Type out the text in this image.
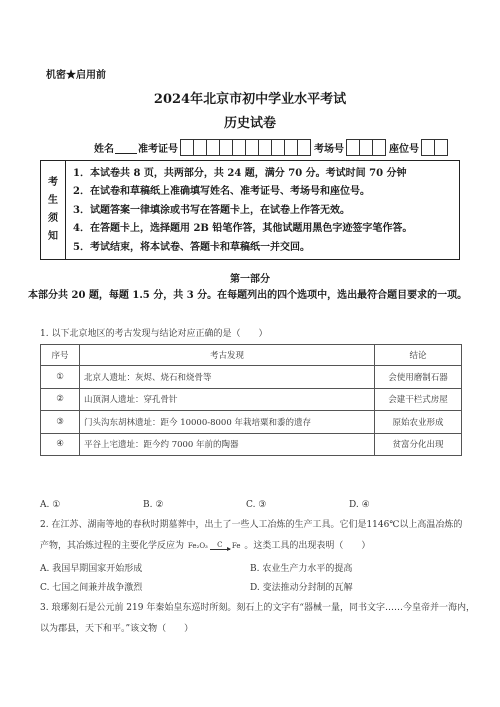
机密★启用前
2024年北京市初中学业水平考试
历史试卷
姓名 准考证号	考场号	座位号
考
生
须
知
1．本试卷共 8 页，共两部分，共 24 题，满分 70 分。考试时间 70 分钟
2．在试卷和草稿纸上准确填写姓名、准考证号、考场号和座位号。
3．试题答案一律填涂或书写在答题卡上，在试卷上作答无效。
4．在答题卡上，选择题用 2B 铅笔作答，其他试题用黑色字迹签字笔作答。
5．考试结束，将本试卷、答题卡和草稿纸一并交回。
第一部分
本部分共 20 题，每题 1.5 分，共 3 分。在每题列出的四个选项中，选出最符合题目要求的一项。
1. 以下北京地区的考古发现与结论对应正确的是（　　）
序号	考古发现	结论
①	北京人遗址：灰烬、烧石和烧骨等	会使用磨制石器
②	山顶洞人遗址：穿孔骨针	会建干栏式房屋
③	门头沟东胡林遗址：距今 10000-8000 年栽培粟和黍的遗存	原始农业形成
④	平谷上宅遗址：距今约 7000 年前的陶器	贫富分化出现
A. ①	B. ②	C. ③	D. ④
2. 在江苏、湖南等地的春秋时期墓葬中，出土了一些人工冶炼的生产工具。它们是1146℃以上高温冶炼的
产物，其冶炼过程的主要化学反应为 Fe₂O₃ C Fe 。这类工具的出现表明（　　）
A. 我国早期国家开始形成	B. 农业生产力水平的提高
C. 七国之间兼并战争激烈	D. 变法推动分封制的瓦解
3. 琅琊刻石是公元前 219 年秦始皇东巡时所刻。刻石上的文字有“器械一量，同书文字……今皇帝并一海内，
以为郡县，天下和平。”该文物（　　）
